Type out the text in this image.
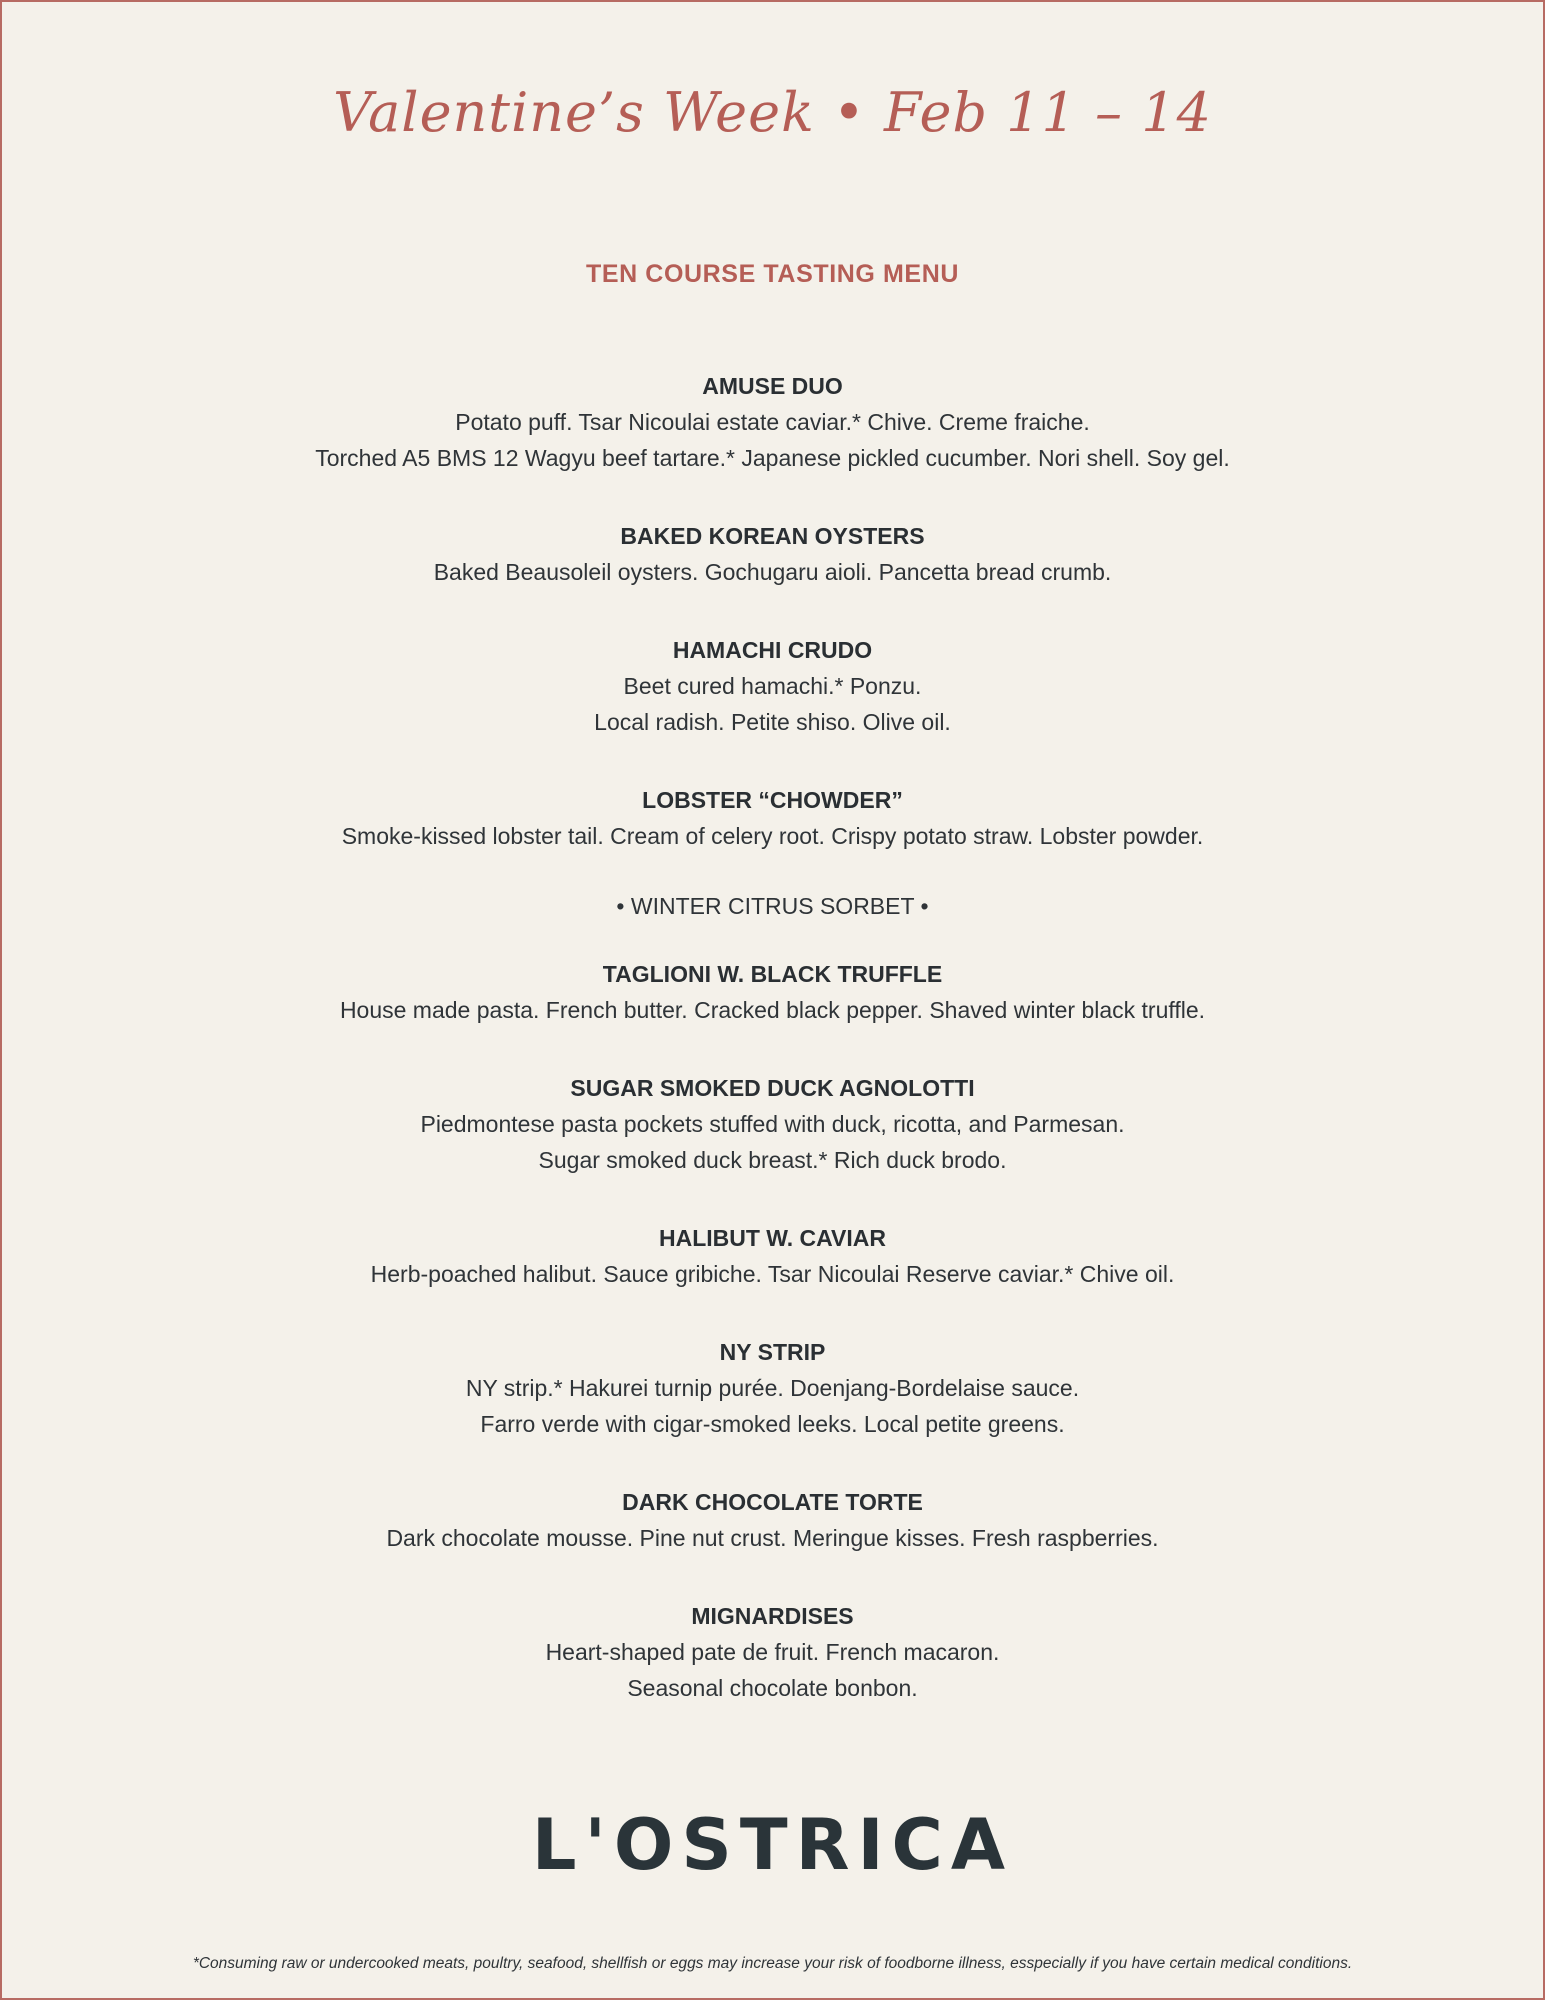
Valentine’s Week • Feb 11 – 14
TEN COURSE TASTING MENU
AMUSE DUO
Potato puff. Tsar Nicoulai estate caviar.* Chive. Creme fraiche.
Torched A5 BMS 12 Wagyu beef tartare.* Japanese pickled cucumber. Nori shell. Soy gel.
BAKED KOREAN OYSTERS
Baked Beausoleil oysters. Gochugaru aioli. Pancetta bread crumb.
HAMACHI CRUDO
Beet cured hamachi.* Ponzu.
Local radish. Petite shiso. Olive oil.
LOBSTER “CHOWDER”
Smoke-kissed lobster tail. Cream of celery root. Crispy potato straw. Lobster powder.
• WINTER CITRUS SORBET •
TAGLIONI W. BLACK TRUFFLE
House made pasta. French butter. Cracked black pepper. Shaved winter black truffle.
SUGAR SMOKED DUCK AGNOLOTTI
Piedmontese pasta pockets stuffed with duck, ricotta, and Parmesan.
Sugar smoked duck breast.* Rich duck brodo.
HALIBUT W. CAVIAR
Herb-poached halibut. Sauce gribiche. Tsar Nicoulai Reserve caviar.* Chive oil.
NY STRIP
NY strip.* Hakurei turnip purée. Doenjang-Bordelaise sauce.
Farro verde with cigar-smoked leeks. Local petite greens.
DARK CHOCOLATE TORTE
Dark chocolate mousse. Pine nut crust. Meringue kisses. Fresh raspberries.
MIGNARDISES
Heart-shaped pate de fruit. French macaron.
Seasonal chocolate bonbon.
L'OSTRICA
*Consuming raw or undercooked meats, poultry, seafood, shellfish or eggs may increase your risk of foodborne illness, esspecially if you have certain medical conditions.
